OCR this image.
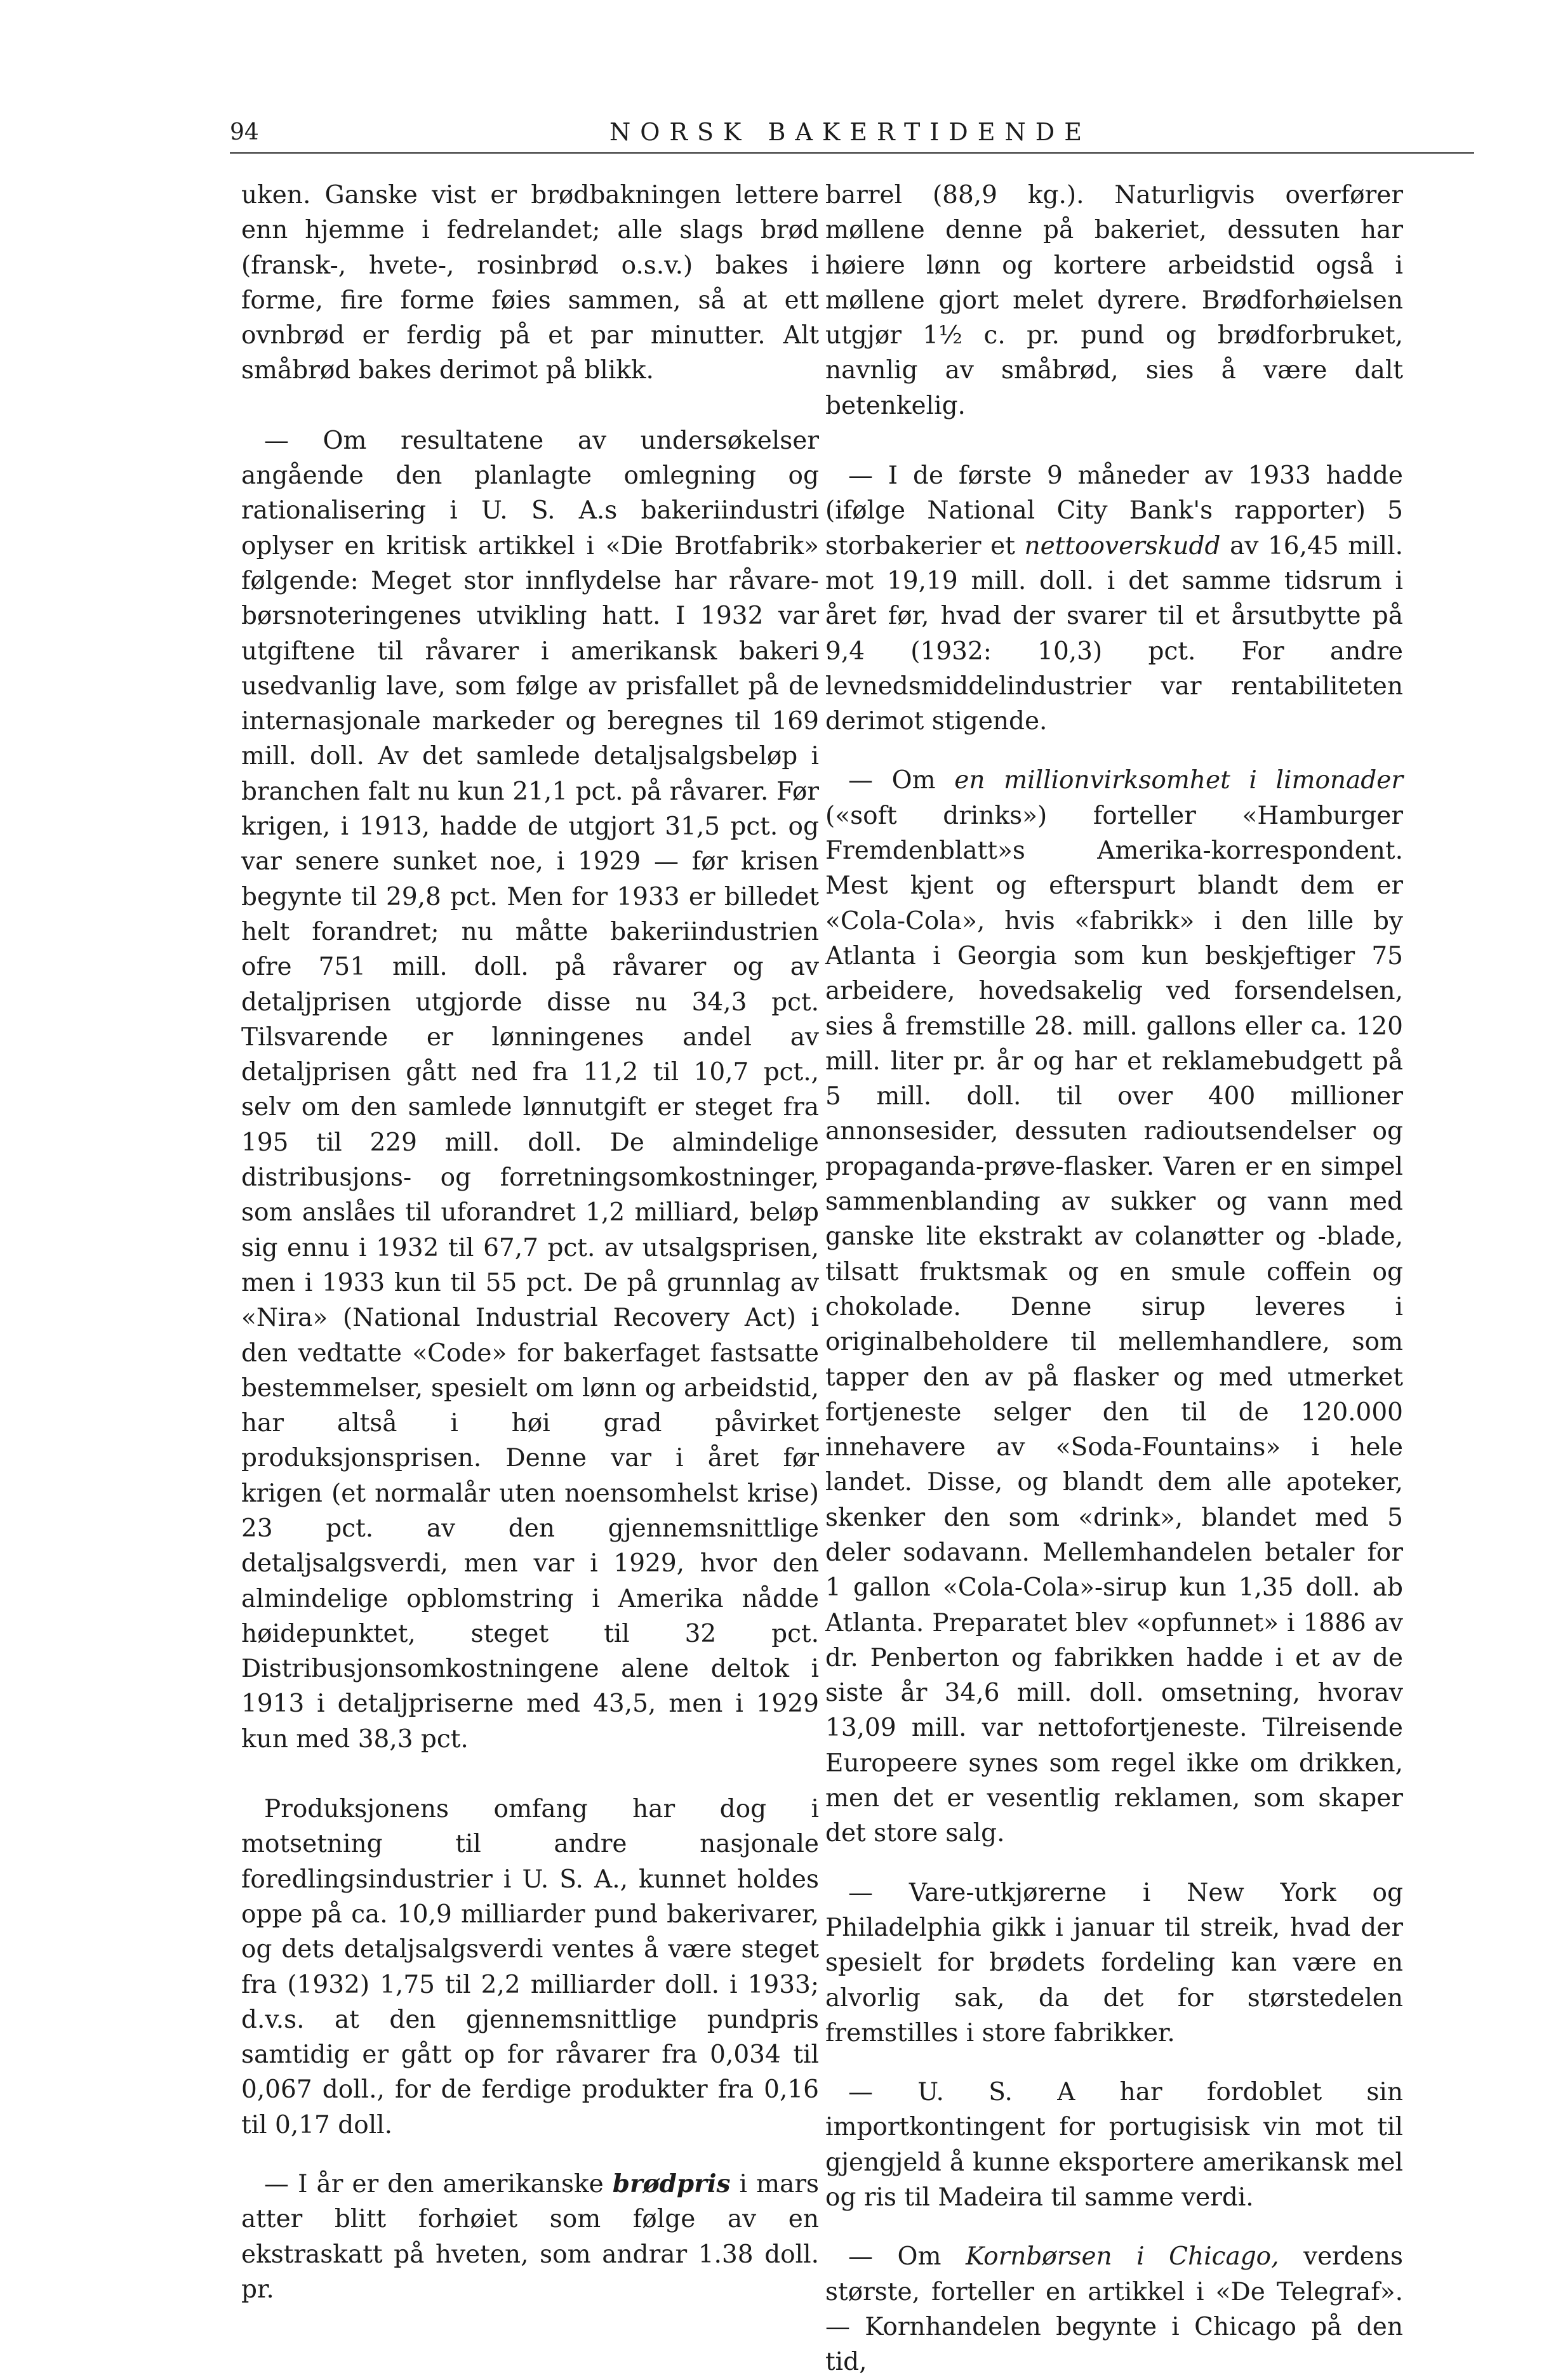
94	NORSK BAKERTIDENDE

uken. Ganske vist er brødbakningen lettere enn hjemme i fedrelandet; alle slags brød (fransk-, hvete-, rosinbrød o.s.v.) bakes i forme, fire forme føies sammen, så at ett ovnbrød er ferdig på et par minutter. Alt småbrød bakes derimot på blikk.

— Om resultatene av undersøkelser angående den planlagte omlegning og rationalisering i U. S. A.s bakeriindustri oplyser en kritisk artikkel i «Die Brotfabrik» følgende: Meget stor innflydelse har råvare-børsnoteringenes utvikling hatt. I 1932 var utgiftene til råvarer i amerikansk bakeri usedvanlig lave, som følge av prisfallet på de internasjonale markeder og beregnes til 169 mill. doll. Av det samlede detaljsalgsbeløp i branchen falt nu kun 21,1 pct. på råvarer. Før krigen, i 1913, hadde de utgjort 31,5 pct. og var senere sunket noe, i 1929 — før krisen begynte til 29,8 pct. Men for 1933 er billedet helt forandret; nu måtte bakeriindustrien ofre 751 mill. doll. på råvarer og av detaljprisen utgjorde disse nu 34,3 pct. Tilsvarende er lønningenes andel av detaljprisen gått ned fra 11,2 til 10,7 pct., selv om den samlede lønnutgift er steget fra 195 til 229 mill. doll. De almindelige distribusjons- og forretningsomkostninger, som anslåes til uforandret 1,2 milliard, beløp sig ennu i 1932 til 67,7 pct. av utsalgsprisen, men i 1933 kun til 55 pct. De på grunnlag av «Nira» (National Industrial Recovery Act) i den vedtatte «Code» for bakerfaget fastsatte bestemmelser, spesielt om lønn og arbeidstid, har altså i høi grad påvirket produksjonsprisen. Denne var i året før krigen (et normalår uten noensomhelst krise) 23 pct. av den gjennemsnittlige detaljsalgsverdi, men var i 1929, hvor den almindelige opblomstring i Amerika nådde høidepunktet, steget til 32 pct. Distribusjonsomkostningene alene deltok i 1913 i detaljpriserne med 43,5, men i 1929 kun med 38,3 pct.

Produksjonens omfang har dog i motsetning til andre nasjonale foredlingsindustrier i U. S. A., kunnet holdes oppe på ca. 10,9 milliarder pund bakerivarer, og dets detaljsalgsverdi ventes å være steget fra (1932) 1,75 til 2,2 milliarder doll. i 1933; d.v.s. at den gjennemsnittlige pundpris samtidig er gått op for råvarer fra 0,034 til 0,067 doll., for de ferdige produkter fra 0,16 til 0,17 doll.

— I år er den amerikanske brødpris i mars atter blitt forhøiet som følge av en ekstraskatt på hveten, som andrar 1.38 doll. pr.

barrel (88,9 kg.). Naturligvis overfører møllene denne på bakeriet, dessuten har høiere lønn og kortere arbeidstid også i møllene gjort melet dyrere. Brødforhøielsen utgjør 1½ c. pr. pund og brødforbruket, navnlig av småbrød, sies å være dalt betenkelig.

— I de første 9 måneder av 1933 hadde (ifølge National City Bank's rapporter) 5 storbakerier et nettooverskudd av 16,45 mill. mot 19,19 mill. doll. i det samme tidsrum i året før, hvad der svarer til et årsutbytte på 9,4 (1932: 10,3) pct. For andre levnedsmiddelindustrier var rentabiliteten derimot stigende.

— Om en millionvirksomhet i limonader («soft drinks») forteller «Hamburger Fremdenblatt»s Amerika-korrespondent. Mest kjent og efterspurt blandt dem er «Cola-Cola», hvis «fabrikk» i den lille by Atlanta i Georgia som kun beskjeftiger 75 arbeidere, hovedsakelig ved forsendelsen, sies å fremstille 28. mill. gallons eller ca. 120 mill. liter pr. år og har et reklamebudgett på 5 mill. doll. til over 400 millioner annonsesider, dessuten radioutsendelser og propaganda-prøve-flasker. Varen er en simpel sammenblanding av sukker og vann med ganske lite ekstrakt av colanøtter og -blade, tilsatt fruktsmak og en smule coffein og chokolade. Denne sirup leveres i originalbeholdere til mellemhandlere, som tapper den av på flasker og med utmerket fortjeneste selger den til de 120.000 innehavere av «Soda-Fountains» i hele landet. Disse, og blandt dem alle apoteker, skenker den som «drink», blandet med 5 deler sodavann. Mellemhandelen betaler for 1 gallon «Cola-Cola»-sirup kun 1,35 doll. ab Atlanta. Preparatet blev «opfunnet» i 1886 av dr. Penberton og fabrikken hadde i et av de siste år 34,6 mill. doll. omsetning, hvorav 13,09 mill. var nettofortjeneste. Tilreisende Europeere synes som regel ikke om drikken, men det er vesentlig reklamen, som skaper det store salg.

— Vare-utkjørerne i New York og Philadelphia gikk i januar til streik, hvad der spesielt for brødets fordeling kan være en alvorlig sak, da det for størstedelen fremstilles i store fabrikker.

— U. S. A har fordoblet sin importkontingent for portugisisk vin mot til gjengjeld å kunne eksportere amerikansk mel og ris til Madeira til samme verdi.

— Om Kornbørsen i Chicago, verdens største, forteller en artikkel i «De Telegraf». — Kornhandelen begynte i Chicago på den tid,
